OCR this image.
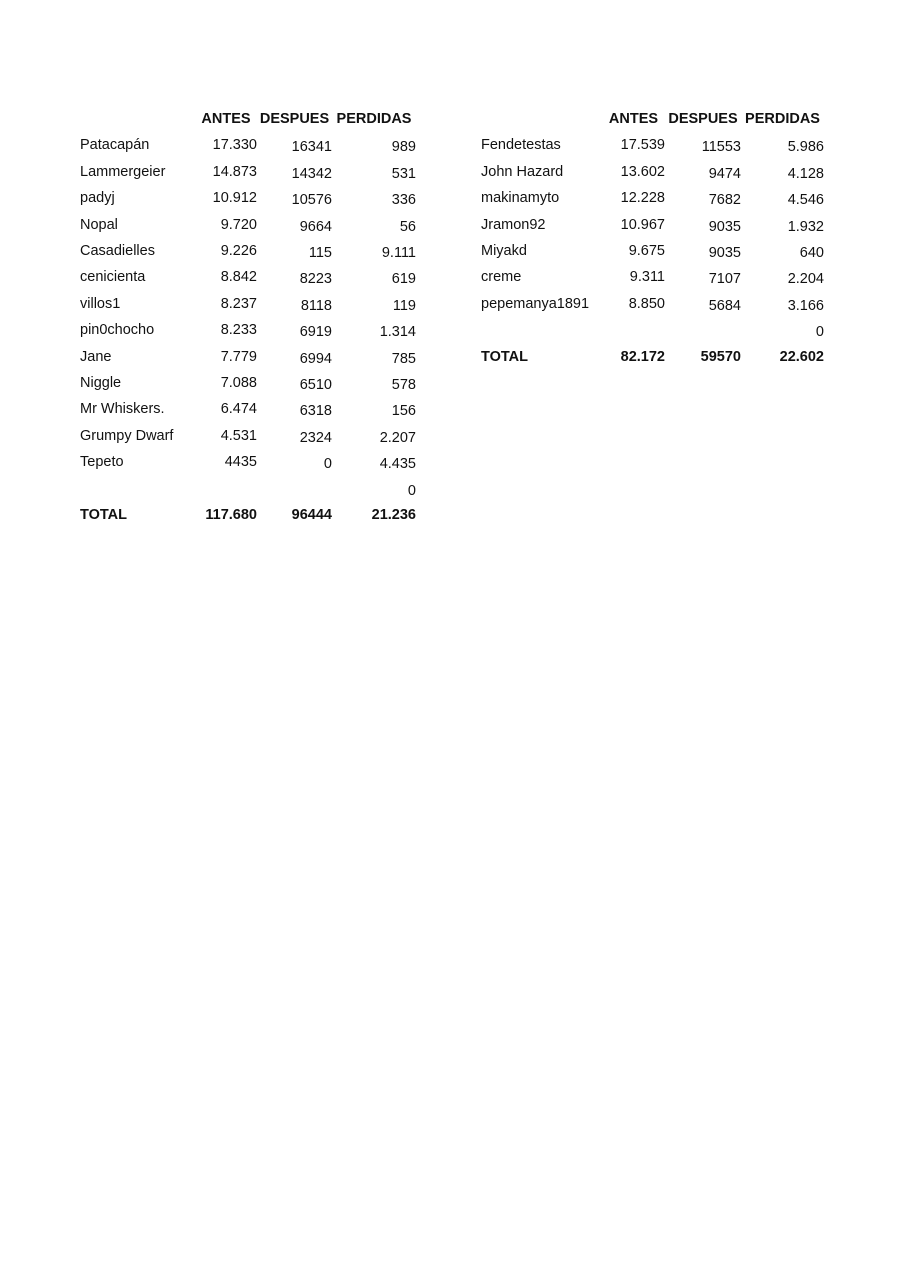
	ANTES	DESPUES	PERDIDAS
Patacapán	17.330	16341	989
Lammergeier	14.873	14342	531
padyj	10.912	10576	336
Nopal	9.720	9664	56
Casadielles	9.226	115	9.111
cenicienta	8.842	8223	619
villos1	8.237	8118	119
pin0chocho	8.233	6919	1.314
Jane	7.779	6994	785
Niggle	7.088	6510	578
Mr Whiskers.	6.474	6318	156
Grumpy Dwarf	4.531	2324	2.207
Tepeto	4435	0	4.435
			0
TOTAL	117.680	96444	21.236
	ANTES	DESPUES	PERDIDAS
Fendetestas	17.539	11553	5.986
John Hazard	13.602	9474	4.128
makinamyto	12.228	7682	4.546
Jramon92	10.967	9035	1.932
Miyakd	9.675	9035	640
creme	9.311	7107	2.204
pepemanya1891	8.850	5684	3.166
			0
TOTAL	82.172	59570	22.602
